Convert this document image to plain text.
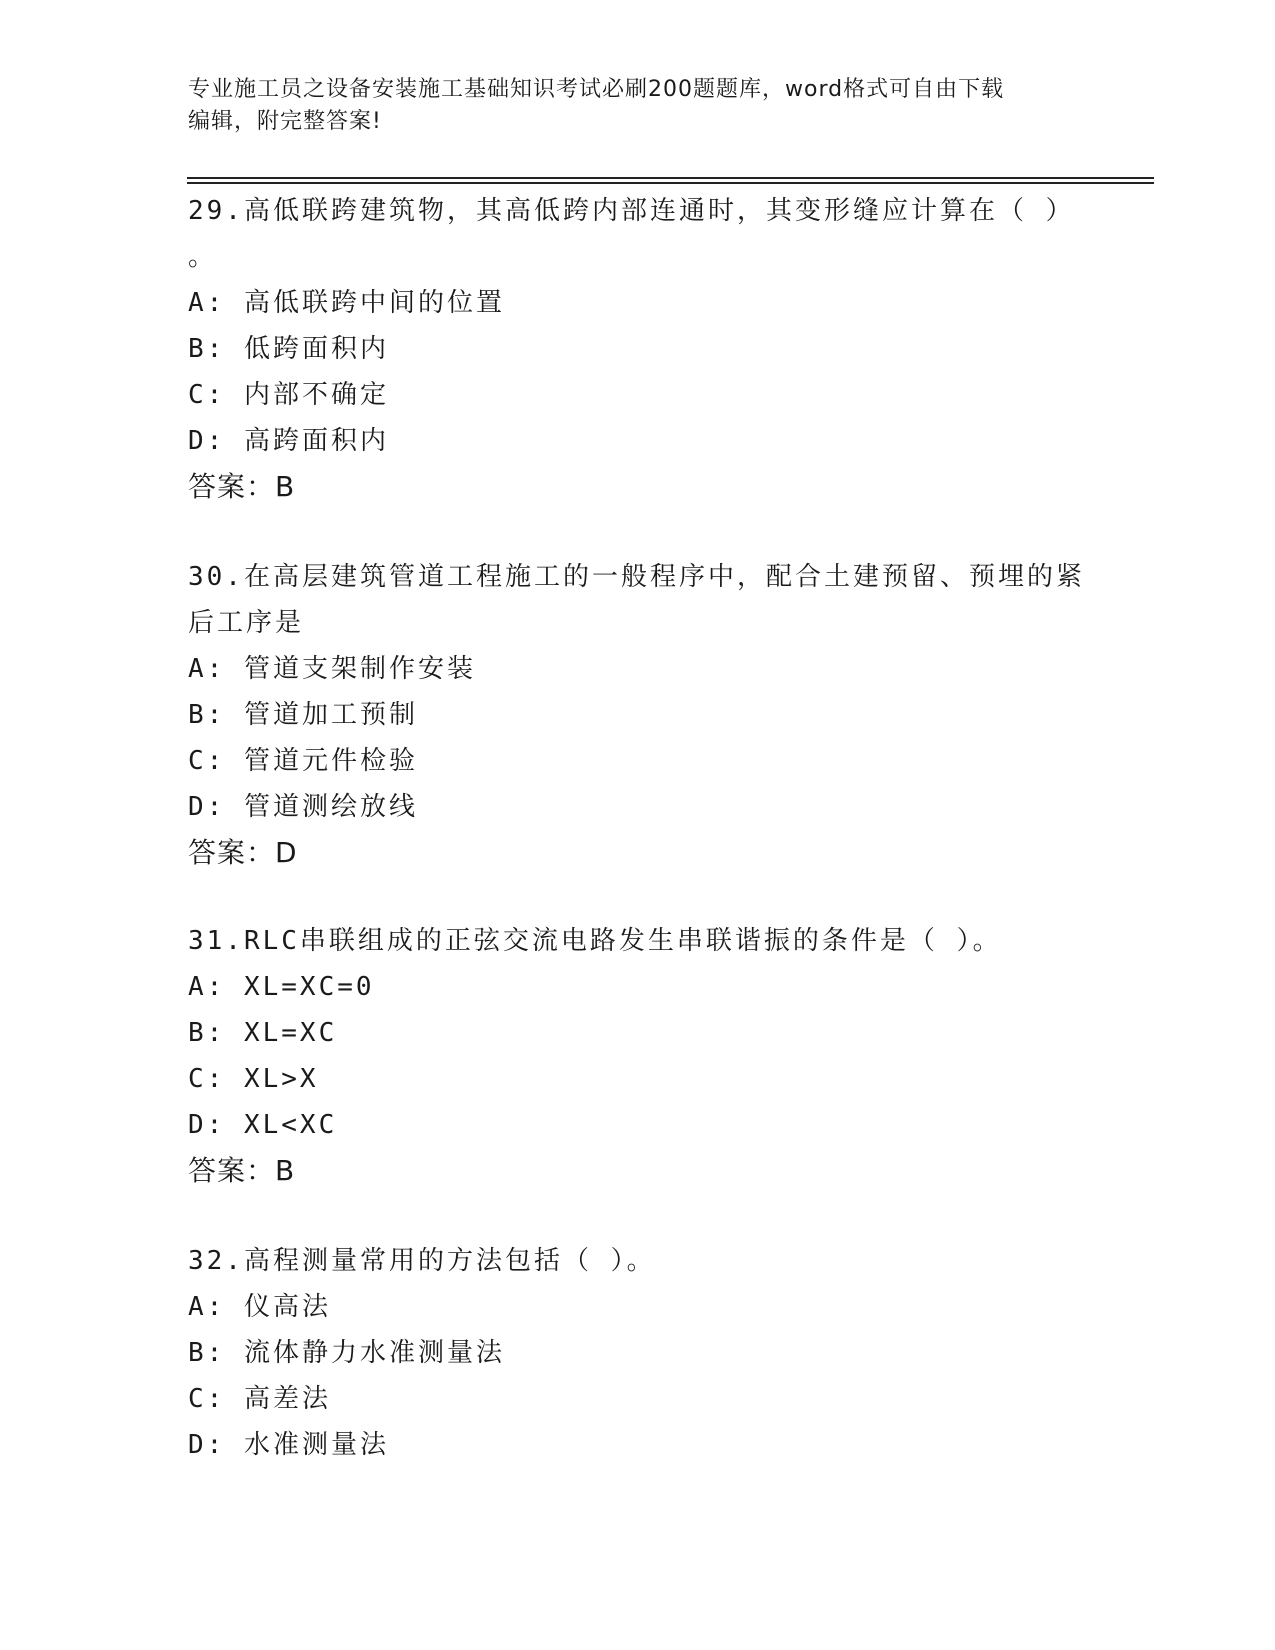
专业施工员之设备安装施工基础知识考试必刷200题题库，word格式可自由下载
编辑，附完整答案!
29.高低联跨建筑物，其高低跨内部连通时，其变形缝应计算在（ ）
。
A: 高低联跨中间的位置
B: 低跨面积内
C: 内部不确定
D: 高跨面积内
答案：B
30.在高层建筑管道工程施工的一般程序中，配合土建预留、预埋的紧
后工序是
A: 管道支架制作安装
B: 管道加工预制
C: 管道元件检验
D: 管道测绘放线
答案：D
31.RLC串联组成的正弦交流电路发生串联谐振的条件是（ ）。
A: XL=XC=0
B: XL=XC
C: XL>X
D: XL<XC
答案：B
32.高程测量常用的方法包括（ ）。
A: 仪高法
B: 流体静力水准测量法
C: 高差法
D: 水准测量法
